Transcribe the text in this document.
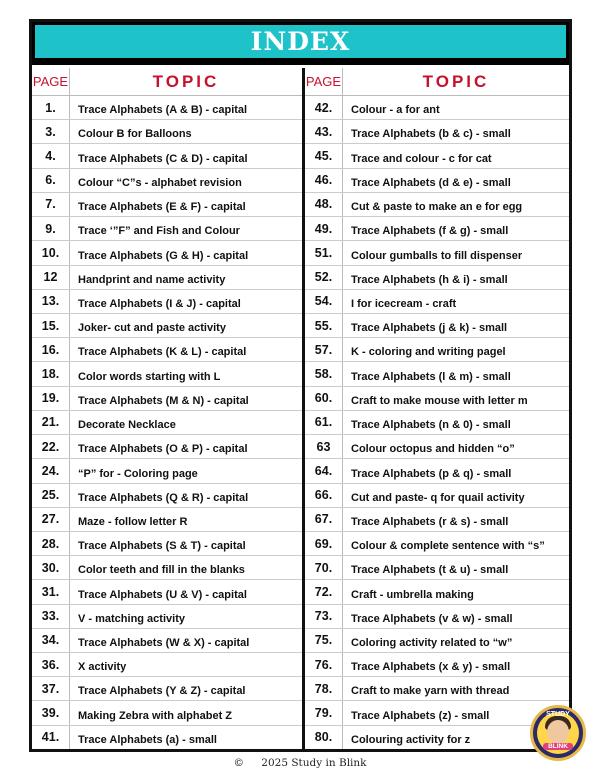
INDEX
PAGE	TOPIC
1.	Trace Alphabets (A & B) - capital
3.	Colour B for Balloons
4.	Trace Alphabets (C & D) - capital
6.	Colour “C”s - alphabet revision
7.	Trace Alphabets (E & F) - capital
9.	Trace ‘”F” and Fish and Colour
10.	Trace Alphabets (G & H) - capital
12	Handprint and name activity
13.	Trace Alphabets (I & J) - capital
15.	Joker- cut and paste activity
16.	Trace Alphabets (K & L) - capital
18.	Color words starting with L
19.	Trace Alphabets (M & N) - capital
21.	Decorate Necklace
22.	Trace Alphabets (O & P) - capital
24.	“P” for - Coloring page
25.	Trace Alphabets (Q & R) - capital
27.	Maze - follow letter R
28.	Trace Alphabets (S & T) - capital
30.	Color teeth and fill in the blanks
31.	Trace Alphabets (U & V) - capital
33.	V - matching activity
34.	Trace Alphabets (W & X) - capital
36.	X activity
37.	Trace Alphabets (Y & Z) - capital
39.	Making Zebra with alphabet Z
41.	Trace Alphabets (a) - small
PAGE	TOPIC
42.	Colour - a for ant
43.	Trace Alphabets (b & c) - small
45.	Trace and colour - c for cat
46.	Trace Alphabets (d & e) - small
48.	Cut & paste to make an e for egg
49.	Trace Alphabets (f & g) - small
51.	Colour gumballs to fill dispenser
52.	Trace Alphabets (h & i) - small
54.	I for icecream - craft
55.	Trace Alphabets (j & k) - small
57.	K - coloring and writing pagel
58.	Trace Alphabets (l & m) - small
60.	Craft to make mouse with letter m
61.	Trace Alphabets (n & 0) - small
63	Colour octopus and hidden “o”
64.	Trace Alphabets (p & q) - small
66.	Cut and paste- q for quail activity
67.	Trace Alphabets (r & s) - small
69.	Colour & complete sentence with “s”
70.	Trace Alphabets (t & u) - small
72.	Craft - umbrella making
73.	Trace Alphabets (v & w) - small
75.	Coloring activity related to “w”
76.	Trace Alphabets (x & y) - small
78.	Craft to make yarn with thread
79.	Trace Alphabets (z) - small
80.	Colouring activity for z
© 2025 Study in Blink
STUDY
BLINK
